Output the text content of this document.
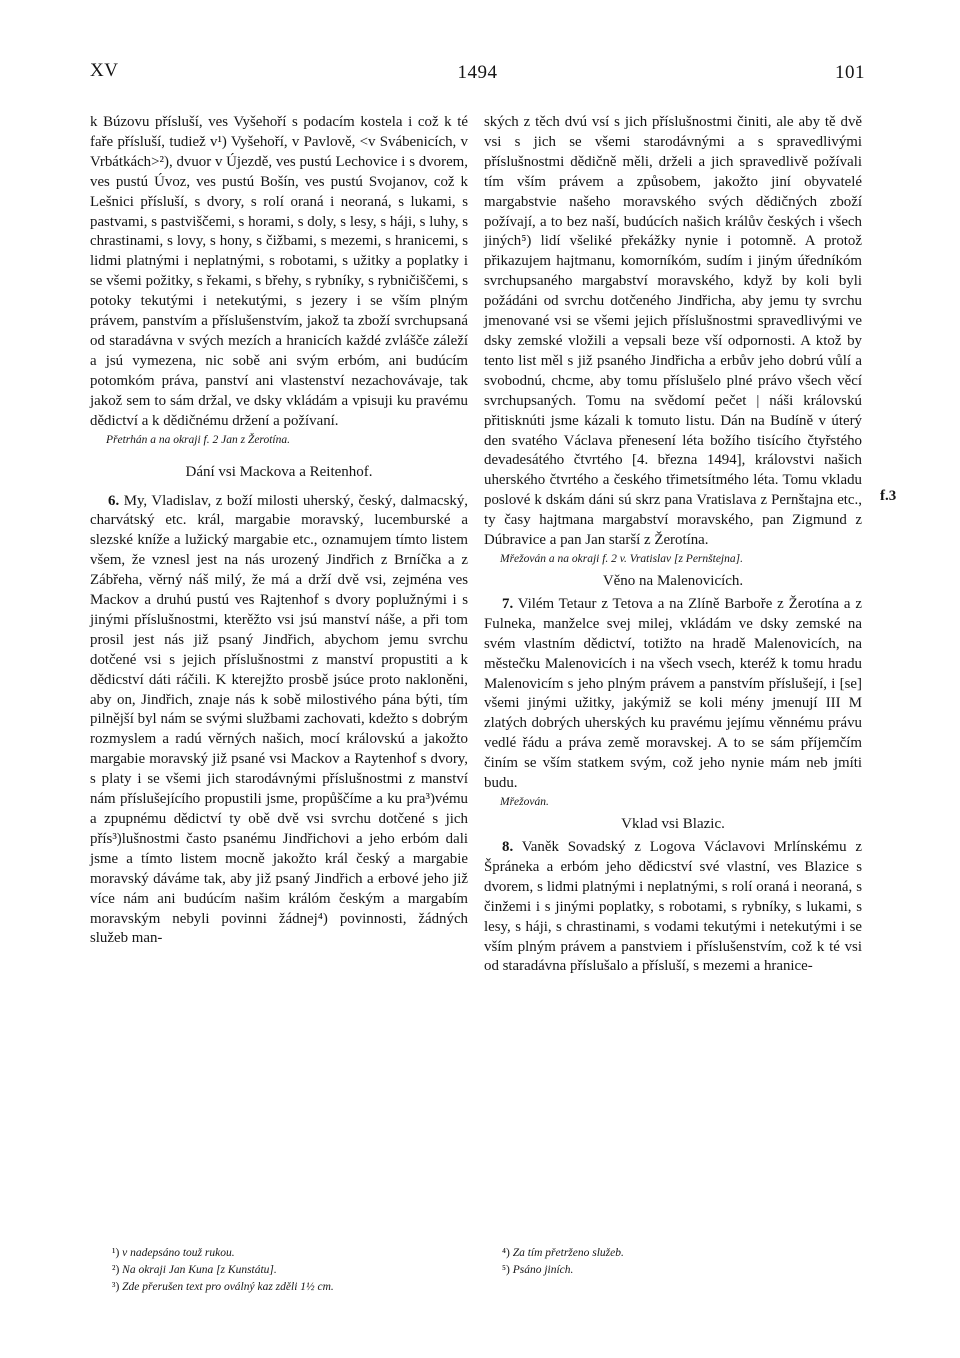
XV	1494	101

k Búzovu přísluší, ves Vyšehoří s podacím kostela i což k té faře přísluší, tudiež v¹) Vyšehoří, v Pavlově, <v Svábenicích, v Vrbátkách>²), dvuor v Újezdě, ves pustú Lechovice i s dvorem, ves pustú Úvoz, ves pustú Bošín, ves pustú Svojanov, což k Lešnici přísluší, s dvory, s rolí oraná i neoraná, s lukami, s pastvami, s pastviščemi, s horami, s doly, s lesy, s háji, s luhy, s chrastinami, s lovy, s hony, s čižbami, s mezemi, s hranicemi, s lidmi platnými i neplatnými, s robotami, s užitky a poplatky i se všemi požitky, s řekami, s břehy, s rybníky, s rybničiščemi, s potoky tekutými i netekutými, s jezery i se vším plným právem, panstvím a příslušenstvím, jakož ta zboží svrchupsaná od staradávna v svých mezích a hranicích každé zvlášče záleží a jsú vymezena, nic sobě ani svým erbóm, ani budúcím potomkóm práva, panství ani vlastenství nezachovávaje, tak jakož sem to sám držal, ve dsky vkládám a vpisuji ku pravému dědictví a k dědičnému držení a požívaní.

Přetrhán a na okraji f. 2 Jan z Žerotína.

Dání vsi Mackova a Reitenhof.

6. My, Vladislav, z boží milosti uherský, český, dalmacský, charvátský etc. král, margabie moravský, lucemburské a slezské kníže a lužický margabie etc., oznamujem tímto listem všem, že vznesl jest na nás urozený Jindřich z Brníčka a z Zábřeha, věrný náš milý, že má a drží dvě vsi, zejména ves Mackov a druhú pustú ves Rajtenhof s dvory poplužnými i s jinými příslušnostmi, kterěžto vsi jsú manství náše, a při tom prosil jest nás již psaný Jindřich, abychom jemu svrchu dotčené vsi s jejich příslušnostmi z manství propustiti a k dědicství dáti ráčili. K kterejžto prosbě jsúce proto nakloněni, aby on, Jindřich, znaje nás k sobě milostivého pána býti, tím pilnější byl nám se svými službami zachovati, kdežto s dobrým rozmyslem a radú věrných našich, mocí královskú a jakožto margabie moravský již psané vsi Mackov a Raytenhof s dvory, s platy i se všemi jich starodávnými příslušnostmi z manství nám příslušejícího propustili jsme, propůščíme a ku pra³)vému a zpupnému dědictví ty obě dvě vsi svrchu dotčené s jich přís³)lušnostmi často psanému Jindřichovi a jeho erbóm dali jsme a tímto listem mocně jakožto král český a margabie moravský dáváme tak, aby již psaný Jindřich a erbové jeho již více nám ani budúcím našim králóm českým a margabím moravským nebyli povinni žádnej⁴) povinnosti, žádných služeb man-

ských z těch dvú vsí s jich příslušnostmi činiti, ale aby tě dvě vsi s jich se všemi starodávnými a s spravedlivými příslušnostmi dědičně měli, drželi a jich spravedlivě požívali tím vším právem a způsobem, jakožto jiní obyvatelé margabstvie našeho moravského svých dědičných zboží požívají, a to bez naší, budúcích našich králův českých i všech jiných⁵) lidí všeliké překážky nynie i potomně. A protož přikazujem hajtmanu, komorníkóm, sudím i jiným úředníkóm svrchupsaného margabství moravského, když by koli byli požádáni od svrchu dotčeného Jindřicha, aby jemu ty svrchu jmenované vsi se všemi jejich příslušnostmi spravedlivými ve dsky zemské vložili a vepsali beze vší odpornosti. A ktož by tento list měl s již psaného Jindřicha a erbův jeho dobrú vůlí a svobodnú, chcme, aby tomu příslušelo plné právo všech věcí svrchupsaných. Tomu na svědomí pečet | náši královskú přitisknúti jsme kázali k tomuto listu. Dán na Budíně v úterý den svatého Václava přenesení léta božího tisícího čtyřstého devadesátého čtvrtého [4. března 1494], královstvi našich uherského čtvrtého a českého třimetsítmého léta. Tomu vkladu poslové k dskám dáni sú skrz pana Vratislava z Pernštajna etc., ty časy hajtmana margabství moravského, pan Zigmund z Dúbravice a pan Jan starší z Žerotína.

Mřežován a na okraji f. 2 v. Vratislav [z Pernštejna].

Věno na Malenovicích.

7. Vilém Tetaur z Tetova a na Zlíně Barboře z Žerotína a z Fulneka, manželce svej milej, vkládám ve dsky zemské na svém vlastním dědictví, totižto na hradě Malenovicích, na městečku Malenovicích i na všech vsech, kteréž k tomu hradu Malenovicím s jeho plným právem a panstvím příslušejí, i [se] všemi jinými užitky, jakýmiž se koli mény jmenují III M zlatých dobrých uherských ku pravému jejímu věnnému právu vedlé řádu a práva země moravskej. A to se sám příjemčím činím se vším statkem svým, což jeho nynie mám neb jmíti budu.

Mřežován.

Vklad vsi Blazic.

8. Vaněk Sovadský z Logova Václavovi Mrlínskému z Špráneka a erbóm jeho dědicství své vlastní, ves Blazice s dvorem, s lidmi platnými i neplatnými, s rolí oraná i neoraná, s činžemi i s jinými poplatky, s robotami, s rybníky, s lukami, s lesy, s háji, s chrastinami, s vodami tekutými i netekutými i se vším plným právem a panstviem i příslušenstvím, což k té vsi od staradávna příslušalo a přísluší, s mezemi a hranice-

f.3

¹) v nadepsáno touž rukou.

²) Na okraji Jan Kuna [z Kunstátu].

³) Zde přerušen text pro oválný kaz zděli 1½ cm.

⁴) Za tím přetrženo služeb.

⁵) Psáno jiních.
